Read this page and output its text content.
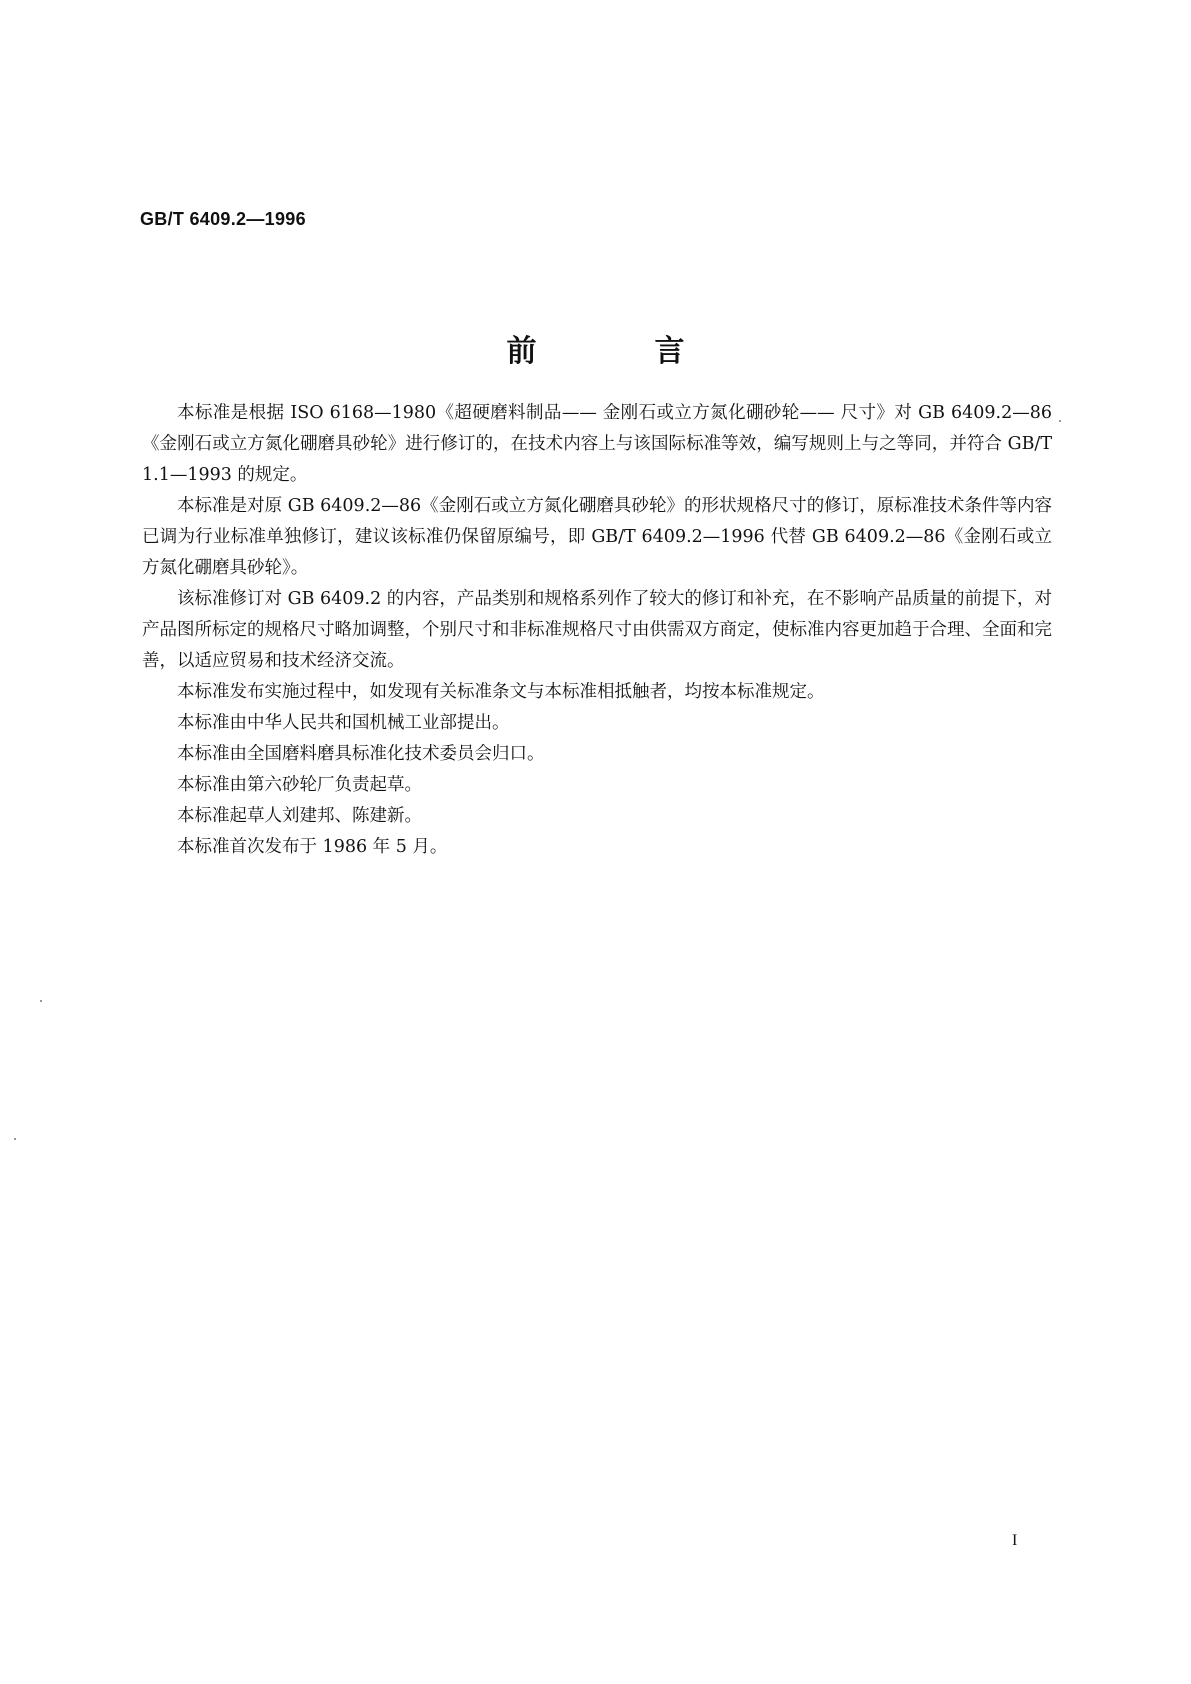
GB/T 6409.2—1996
前言

本标准是根据 ISO 6168—1980《超硬磨料制品—— 金刚石或立方氮化硼砂轮—— 尺寸》对 GB 6409.2—86《金刚石或立方氮化硼磨具砂轮》进行修订的，在技术内容上与该国际标准等效，编写规则上与之等同，并符合 GB/T 1.1—1993 的规定。

本标准是对原 GB 6409.2—86《金刚石或立方氮化硼磨具砂轮》的形状规格尺寸的修订，原标准技术条件等内容已调为行业标准单独修订，建议该标准仍保留原编号，即 GB/T 6409.2—1996 代替 GB 6409.2—86《金刚石或立方氮化硼磨具砂轮》。

该标准修订对 GB 6409.2 的内容，产品类别和规格系列作了较大的修订和补充，在不影响产品质量的前提下，对产品图所标定的规格尺寸略加调整，个别尺寸和非标准规格尺寸由供需双方商定，使标准内容更加趋于合理、全面和完善，以适应贸易和技术经济交流。

本标准发布实施过程中，如发现有关标准条文与本标准相抵触者，均按本标准规定。

本标准由中华人民共和国机械工业部提出。

本标准由全国磨料磨具标准化技术委员会归口。

本标准由第六砂轮厂负责起草。

本标准起草人刘建邦、陈建新。

本标准首次发布于 1986 年 5 月。

I
